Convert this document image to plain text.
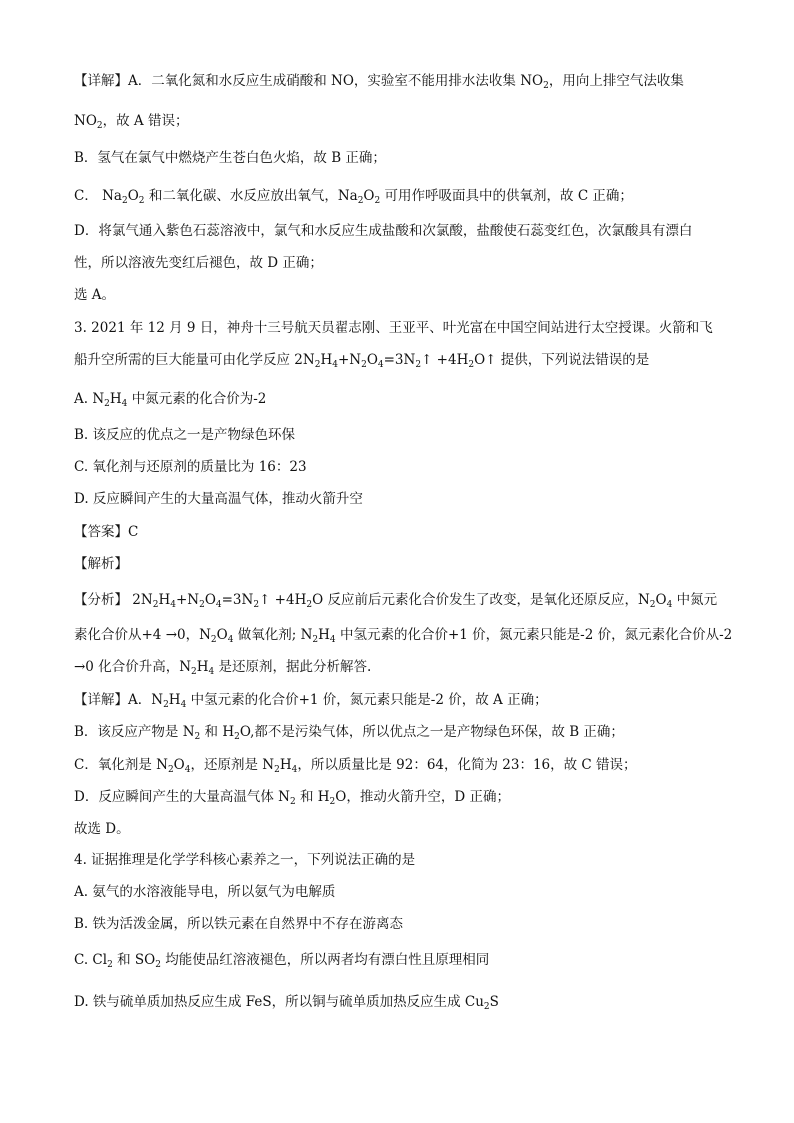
【详解】A．二氧化氮和水反应生成硝酸和 NO，实验室不能用排水法收集 $NO_2$，用向上排空气法收集
$NO_2$，故 A 错误；
B．氢气在氯气中燃烧产生苍白色火焰，故 B 正确；
C． $Na_2O_2$ 和二氧化碳、水反应放出氧气，$Na_2O_2$ 可用作呼吸面具中的供氧剂，故 C 正确；
D．将氯气通入紫色石蕊溶液中，氯气和水反应生成盐酸和次氯酸，盐酸使石蕊变红色，次氯酸具有漂白
性，所以溶液先变红后褪色，故 D 正确；
选 A。
3. 2021 年 12 月 9 日，神舟十三号航天员翟志刚、王亚平、叶光富在中国空间站进行太空授课。火箭和飞
船升空所需的巨大能量可由化学反应 $2N_2H_4+N_2O_4=3N_2↑$ $+4H_2O↑$ 提供，下列说法错误的是
A. $N_2H_4$ 中氮元素的化合价为-2
B. 该反应的优点之一是产物绿色环保
C. 氧化剂与还原剂的质量比为 16：23
D. 反应瞬间产生的大量高温气体，推动火箭升空
【答案】C
【解析】
【分析】 $2N_2H_4+N_2O_4=3N_2↑ +4H_2O$ 反应前后元素化合价发生了改变，是氧化还原反应，$N_2O_4$ 中氮元
素化合价从+4 →0，$N_2O_4$ 做氧化剂; $N_2H_4$ 中氢元素的化合价+1 价，氮元素只能是-2 价，氮元素化合价从-2
→0 化合价升高，$N_2H_4$ 是还原剂，据此分析解答.
【详解】A．$N_2H_4$ 中氢元素的化合价+1 价，氮元素只能是-2 价，故 A 正确；
B．该反应产物是 $N_2$ 和 $H_2O$,都不是污染气体，所以优点之一是产物绿色环保，故 B 正确；
C．氧化剂是 $N_2O_4$，还原剂是 $N_2H_4$，所以质量比是 92：64，化简为 23：16，故 C 错误；
D．反应瞬间产生的大量高温气体 $N_2$ 和 $H_2O$，推动火箭升空，D 正确；
故选 D。
4. 证据推理是化学学科核心素养之一，下列说法正确的是
A. 氨气的水溶液能导电，所以氨气为电解质
B. 铁为活泼金属，所以铁元素在自然界中不存在游离态
C. $Cl_2$ 和 $SO_2$ 均能使品红溶液褪色，所以两者均有漂白性且原理相同
D. 铁与硫单质加热反应生成 FeS，所以铜与硫单质加热反应生成 $Cu_2S$
